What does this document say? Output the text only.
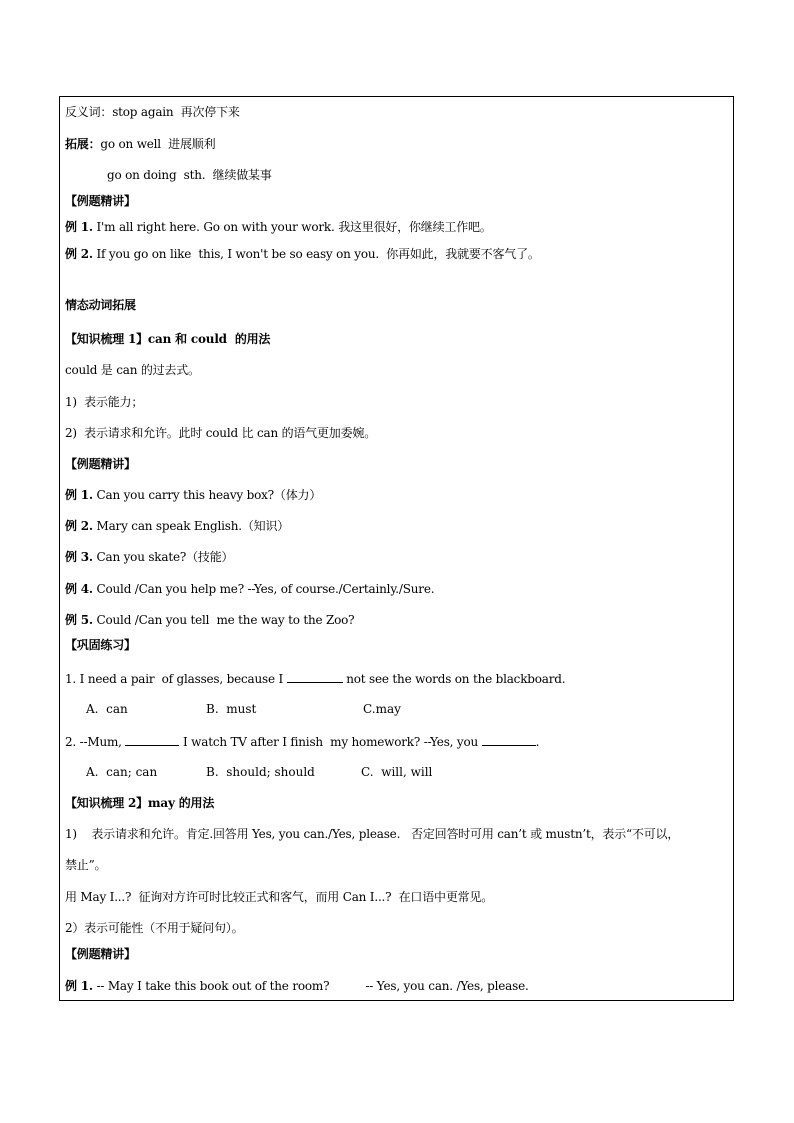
反义词：stop again  再次停下来
拓展：go on well  进展顺利
go on doing  sth.  继续做某事
【例题精讲】
例 1. I'm all right here. Go on with your work. 我这里很好，你继续工作吧。
例 2. If you go on like  this, I won't be so easy on you.  你再如此，我就要不客气了。
情态动词拓展
【知识梳理 1】can 和 could  的用法
could 是 can 的过去式。
1)  表示能力；
2)  表示请求和允许。此时 could 比 can 的语气更加委婉。
【例题精讲】
例 1. Can you carry this heavy box?（体力）
例 2. Mary can speak English.（知识）
例 3. Can you skate?（技能）
例 4. Could /Can you help me? --Yes, of course./Certainly./Sure.
例 5. Could /Can you tell  me the way to the Zoo?
【巩固练习】
1. I need a pair  of glasses, because I	not see the words on the blackboard.
A.  can	B.  must	C.may
2. --Mum,	I watch TV after I finish  my homework? --Yes, you	.
A.  can; can	B.  should; should	C.  will, will
【知识梳理 2】may 的用法
1)    表示请求和允许。肯定.回答用 Yes, you can./Yes, please.   否定回答时可用 can’t 或 mustn’t，表示“不可以，
禁止”。
用 May I...?  征询对方许可时比较正式和客气，而用 Can I...?  在口语中更常见。
2）表示可能性（不用于疑问句）。
【例题精讲】
例 1. -- May I take this book out of the room?          -- Yes, you can. /Yes, please.
